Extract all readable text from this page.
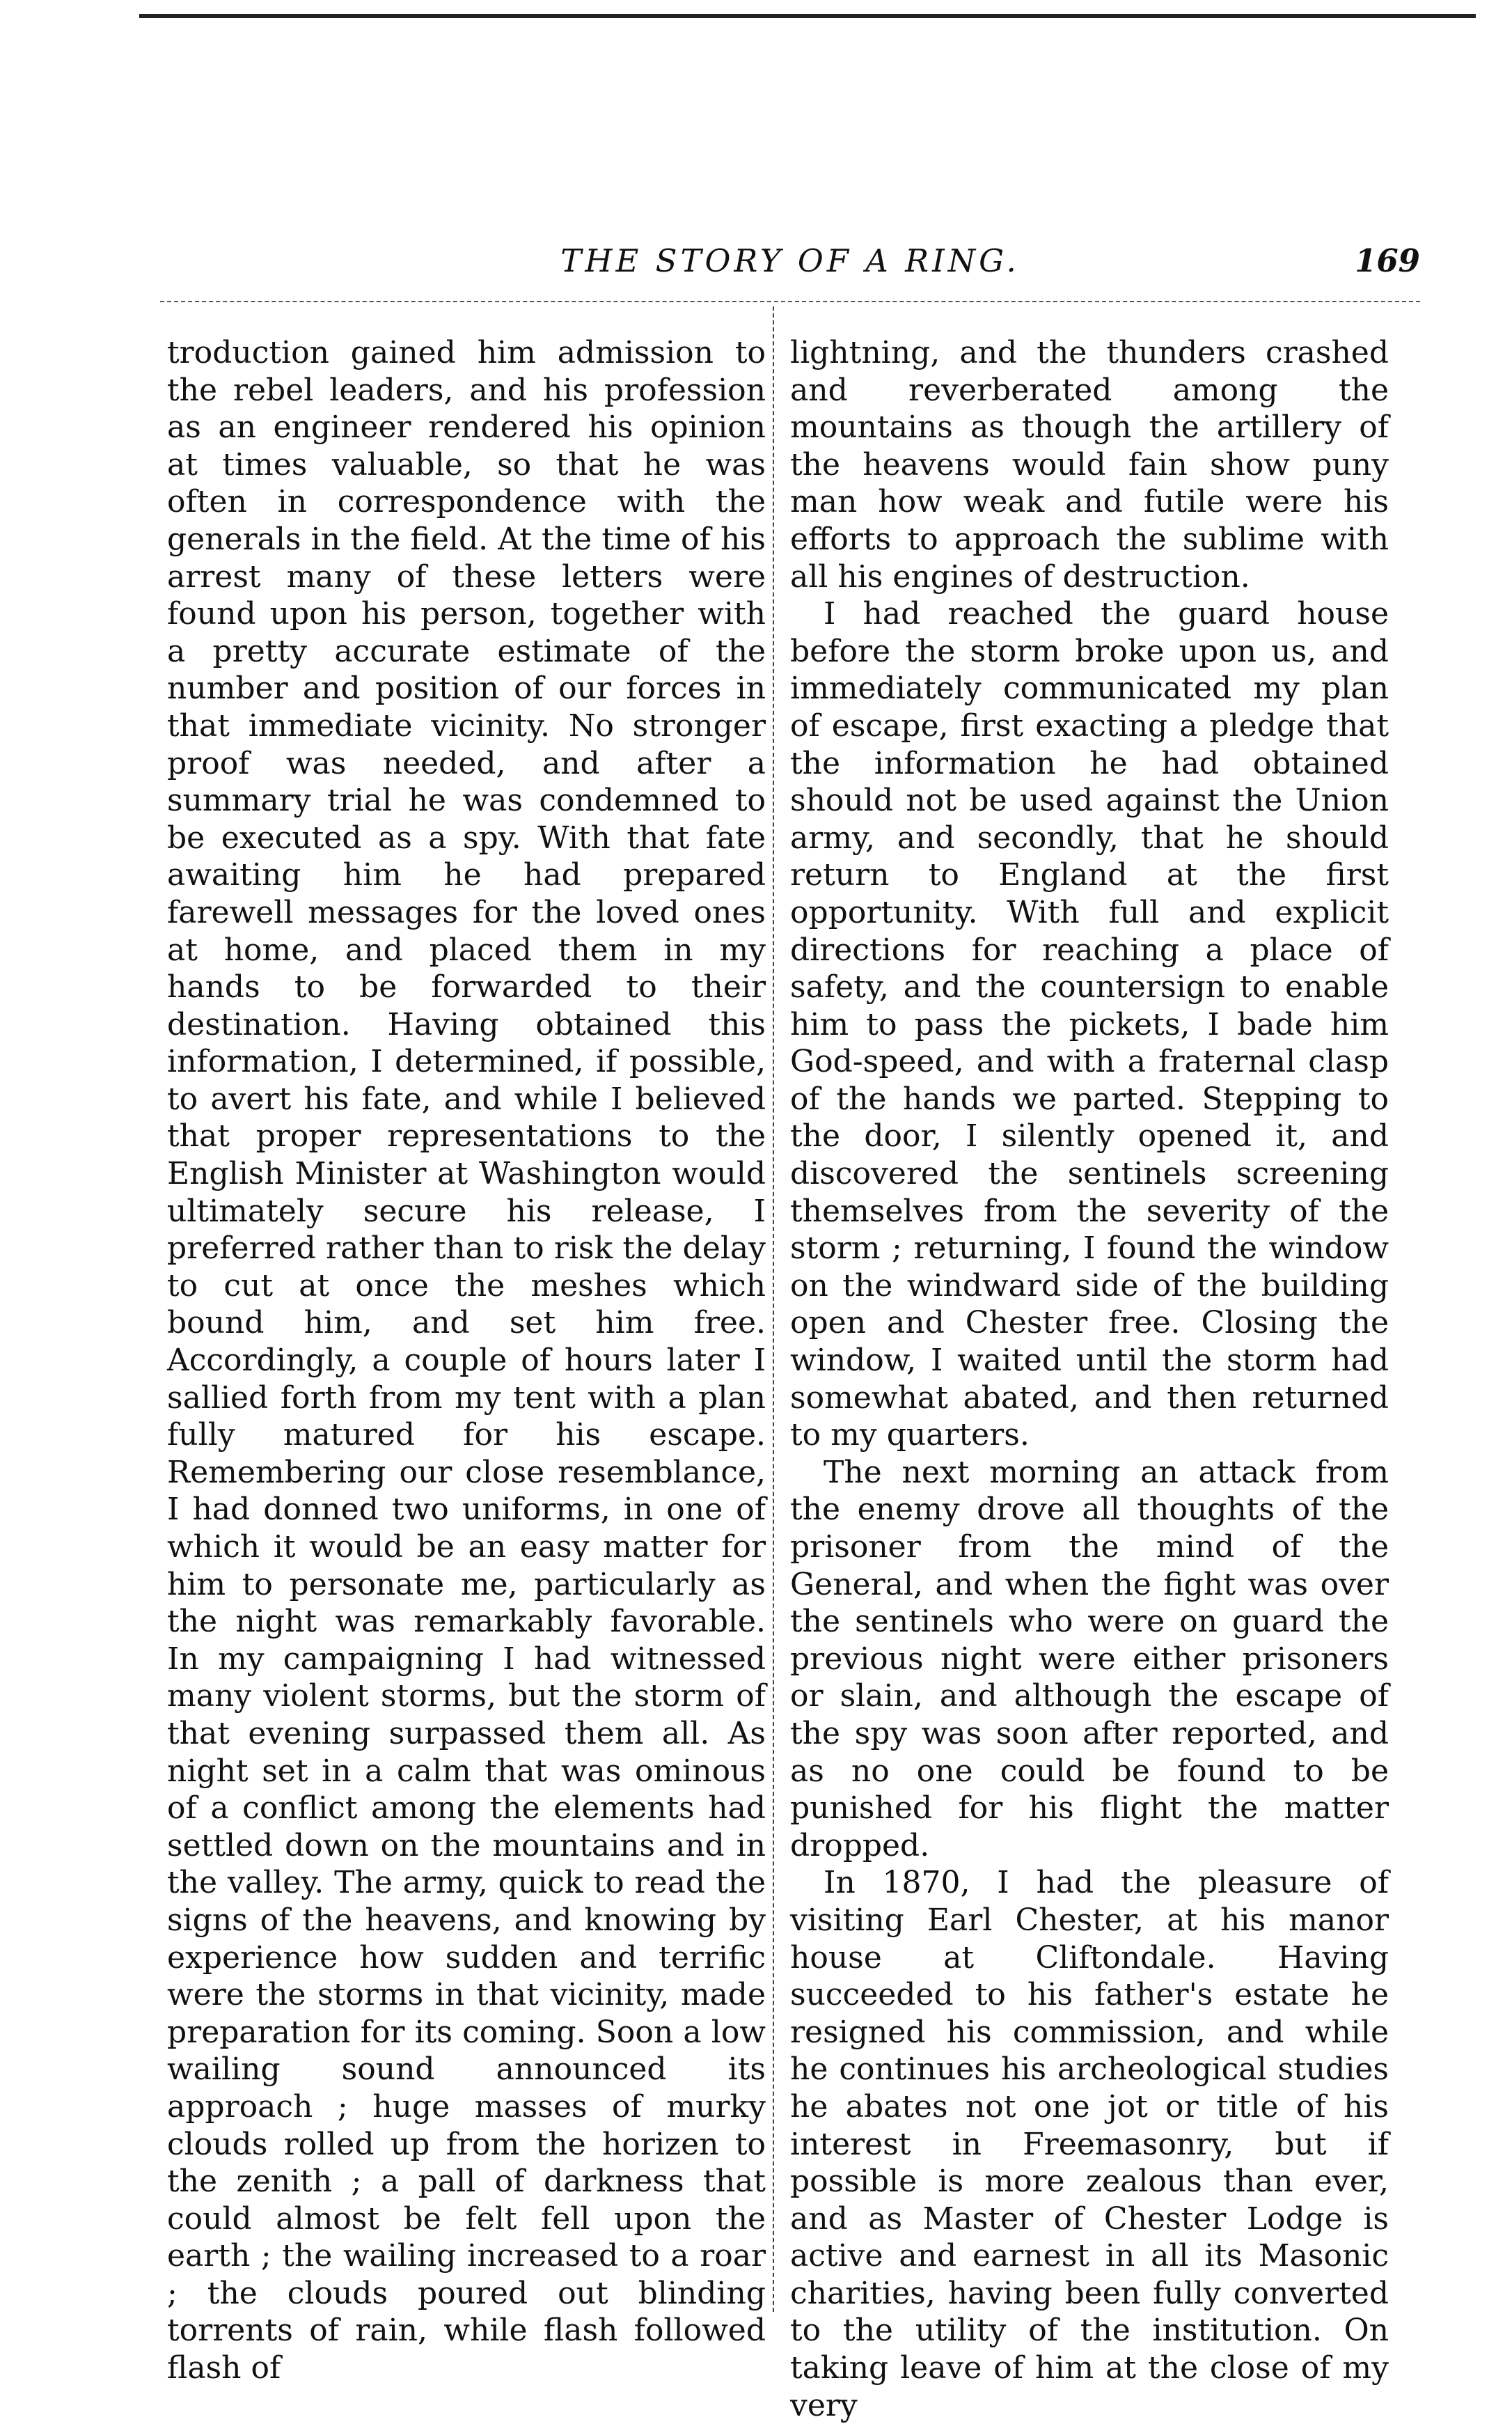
THE STORY OF A RING.	169

troduction gained him admission to the rebel leaders, and his profession as an engineer rendered his opinion at times valuable, so that he was often in correspondence with the generals in the field. At the time of his arrest many of these letters were found upon his person, together with a pretty accurate estimate of the number and position of our forces in that immediate vicinity. No stronger proof was needed, and after a summary trial he was condemned to be executed as a spy. With that fate awaiting him he had prepared farewell messages for the loved ones at home, and placed them in my hands to be forwarded to their destination. Having obtained this information, I determined, if possible, to avert his fate, and while I believed that proper representations to the English Minister at Washington would ultimately secure his release, I preferred rather than to risk the delay to cut at once the meshes which bound him, and set him free. Accordingly, a couple of hours later I sallied forth from my tent with a plan fully matured for his escape. Remembering our close resemblance, I had donned two uniforms, in one of which it would be an easy matter for him to personate me, particularly as the night was remarkably favorable. In my campaigning I had witnessed many violent storms, but the storm of that evening surpassed them all. As night set in a calm that was ominous of a conflict among the elements had settled down on the mountains and in the valley. The army, quick to read the signs of the heavens, and knowing by experience how sudden and terrific were the storms in that vicinity, made preparation for its coming. Soon a low wailing sound announced its approach ; huge masses of murky clouds rolled up from the horizen to the zenith ; a pall of darkness that could almost be felt fell upon the earth ; the wailing increased to a roar ; the clouds poured out blinding torrents of rain, while flash followed flash of

lightning, and the thunders crashed and reverberated among the mountains as though the artillery of the heavens would fain show puny man how weak and futile were his efforts to approach the sublime with all his engines of destruction.

I had reached the guard house before the storm broke upon us, and immediately communicated my plan of escape, first exacting a pledge that the information he had obtained should not be used against the Union army, and secondly, that he should return to England at the first opportunity. With full and explicit directions for reaching a place of safety, and the countersign to enable him to pass the pickets, I bade him God-speed, and with a fraternal clasp of the hands we parted. Stepping to the door, I silently opened it, and discovered the sentinels screening themselves from the severity of the storm ; returning, I found the window on the windward side of the building open and Chester free. Closing the window, I waited until the storm had somewhat abated, and then returned to my quarters.

The next morning an attack from the enemy drove all thoughts of the prisoner from the mind of the General, and when the fight was over the sentinels who were on guard the previous night were either prisoners or slain, and although the escape of the spy was soon after reported, and as no one could be found to be punished for his flight the matter dropped.

In 1870, I had the pleasure of visiting Earl Chester, at his manor house at Cliftondale. Having succeeded to his father's estate he resigned his commission, and while he continues his archeological studies he abates not one jot or title of his interest in Freemasonry, but if possible is more zealous than ever, and as Master of Chester Lodge is active and earnest in all its Masonic charities, having been fully converted to the utility of the institution. On taking leave of him at the close of my very
